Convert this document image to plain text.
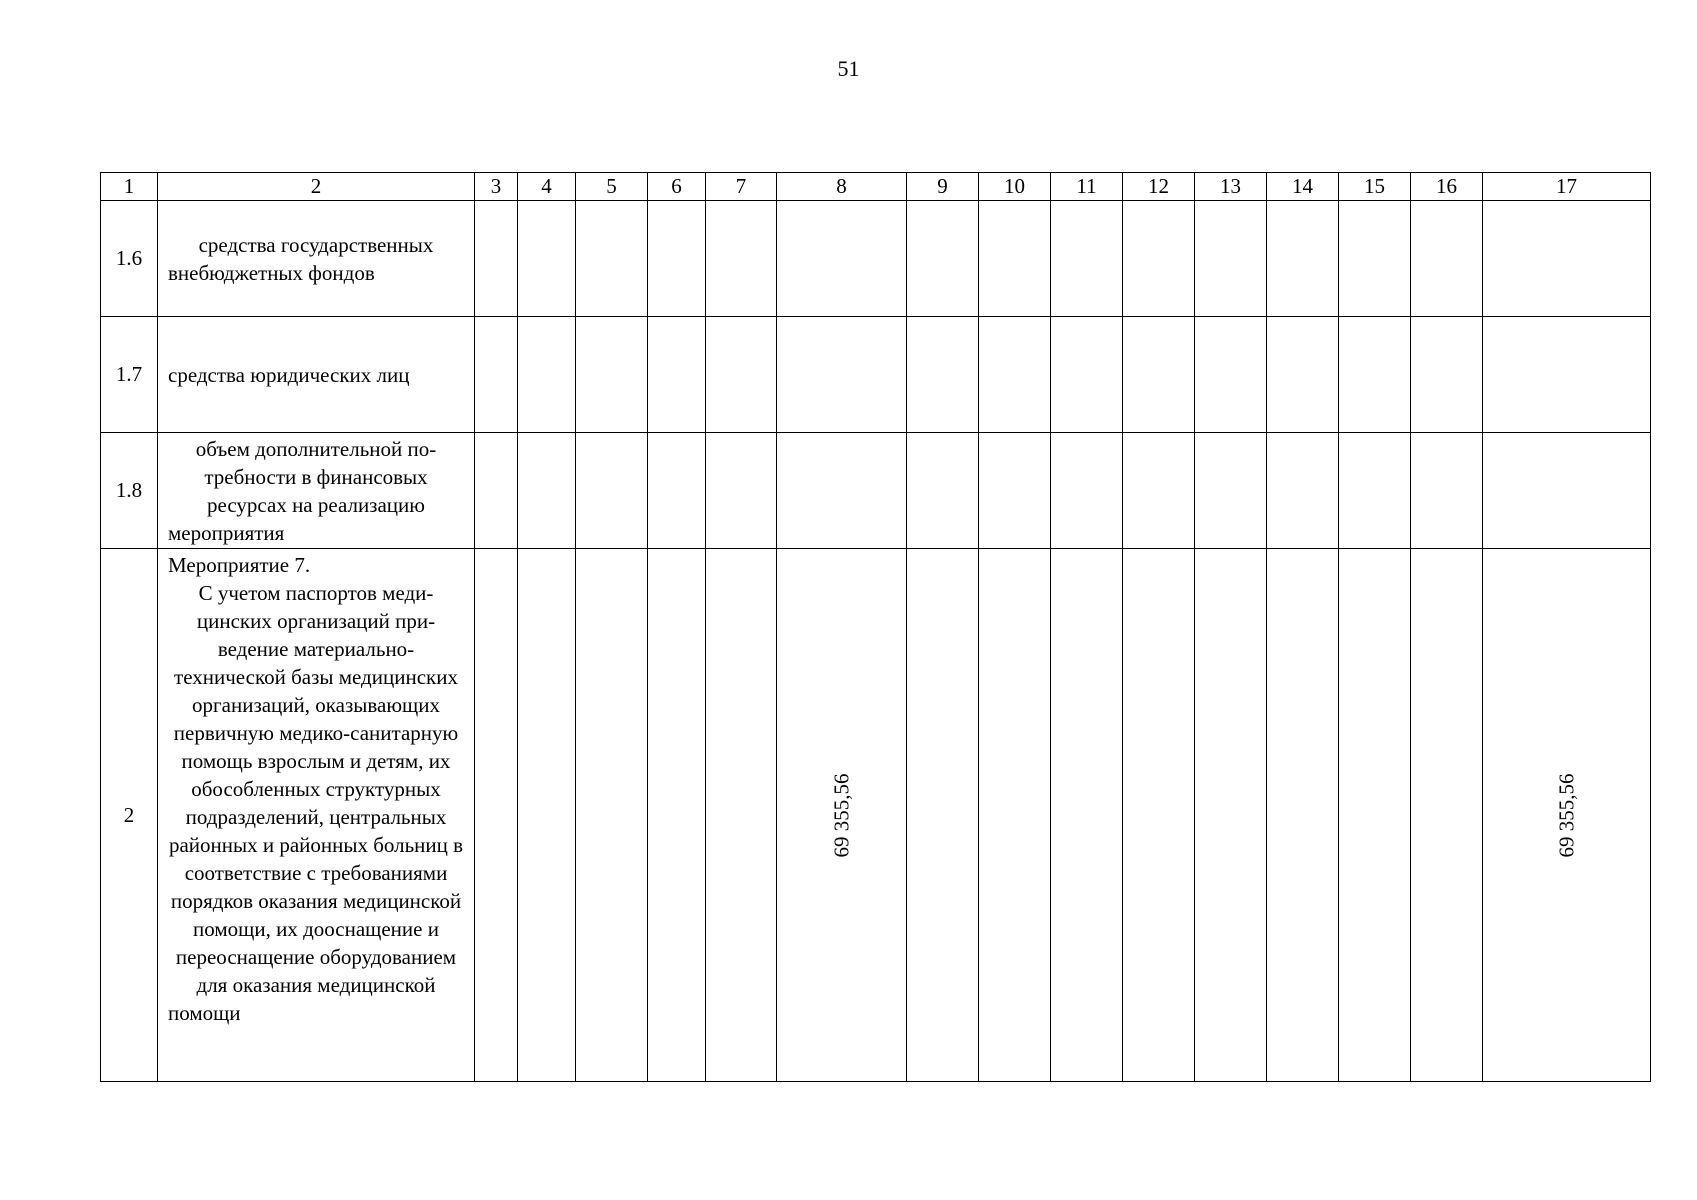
51
1	2	3	4	5	6	7	8	9	10	11	12	13	14	15	16	17
1.6	средства государственных внебюджетных фондов															
1.7	средства юридических лиц															
1.8	объем дополнительной потребности в финансовых ресурсах на реализацию мероприятия															
2	Мероприятие 7.
С учетом паспортов медицинских организаций приведение материально-технической базы медицинских организаций, оказывающих первичную медико-санитарную помощь взрослым и детям, их обособленных структурных подразделений, центральных районных и районных больниц в соответствие с требованиями порядков оказания медицинской помощи, их дооснащение и переоснащение оборудованием для оказания медицинской помощи						69 355,56									69 355,56
